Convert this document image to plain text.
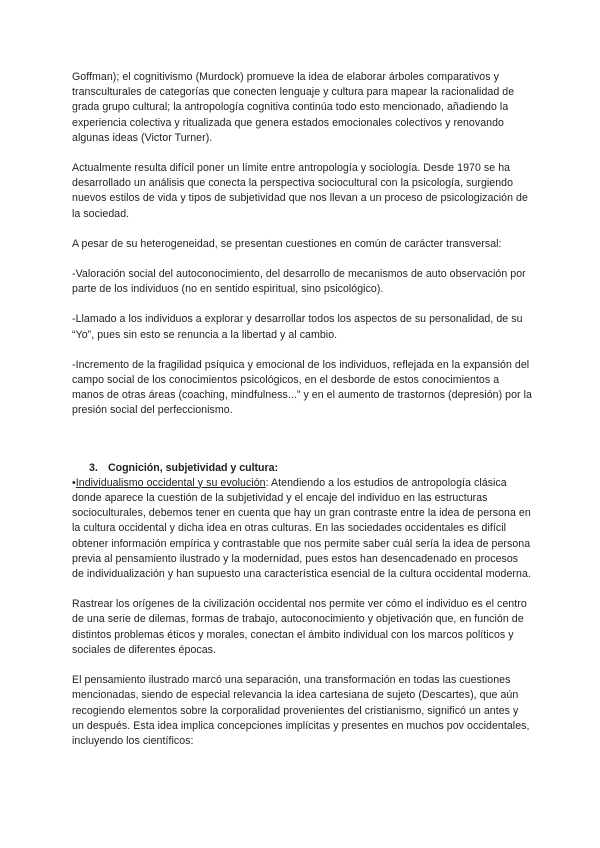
Goffman); el cognitivismo (Murdock) promueve la idea de elaborar árboles comparativos y transculturales de categorías que conecten lenguaje y cultura para mapear la racionalidad de grada grupo cultural; la antropología cognitiva continúa todo esto mencionado, añadiendo la experiencia colectiva y ritualizada que genera estados emocionales colectivos y renovando algunas ideas (Victor Turner).

Actualmente resulta difícil poner un límite entre antropología y sociología. Desde 1970 se ha desarrollado un análisis que conecta la perspectiva sociocultural con la psicología, surgiendo nuevos estilos de vida y tipos de subjetividad que nos llevan a un proceso de psicologización de la sociedad.

A pesar de su heterogeneidad, se presentan cuestiones en común de carácter transversal:

-Valoración social del autoconocimiento, del desarrollo de mecanismos de auto observación por parte de los individuos (no en sentido espiritual, sino psicológico).

-Llamado a los individuos a explorar y desarrollar todos los aspectos de su personalidad, de su “Yo”, pues sin esto se renuncia a la libertad y al cambio.

-Incremento de la fragilidad psíquica y emocional de los individuos, reflejada en la expansión del campo social de los conocimientos psicológicos, en el desborde de estos conocimientos a manos de otras áreas (coaching, mindfulness...” y en el aumento de trastornos (depresión) por la presión social del perfeccionismo.

3. Cognición, subjetividad y cultura:

•Individualismo occidental y su evolución: Atendiendo a los estudios de antropología clásica donde aparece la cuestión de la subjetividad y el encaje del individuo en las estructuras socioculturales, debemos tener en cuenta que hay un gran contraste entre la idea de persona en la cultura occidental y dicha idea en otras culturas. En las sociedades occidentales es difícil obtener información empírica y contrastable que nos permite saber cuál sería la idea de persona previa al pensamiento ilustrado y la modernidad, pues estos han desencadenado en procesos de individualización y han supuesto una característica esencial de la cultura occidental moderna.

Rastrear los orígenes de la civilización occidental nos permite ver cómo el individuo es el centro de una serie de dilemas, formas de trabajo, autoconocimiento y objetivación que, en función de distintos problemas éticos y morales, conectan el ámbito individual con los marcos políticos y sociales de diferentes épocas.

El pensamiento ilustrado marcó una separación, una transformación en todas las cuestiones mencionadas, siendo de especial relevancia la idea cartesiana de sujeto (Descartes), que aún recogiendo elementos sobre la corporalidad provenientes del cristianismo, significó un antes y un después. Esta idea implica concepciones implícitas y presentes en muchos pov occidentales, incluyendo los científicos:
